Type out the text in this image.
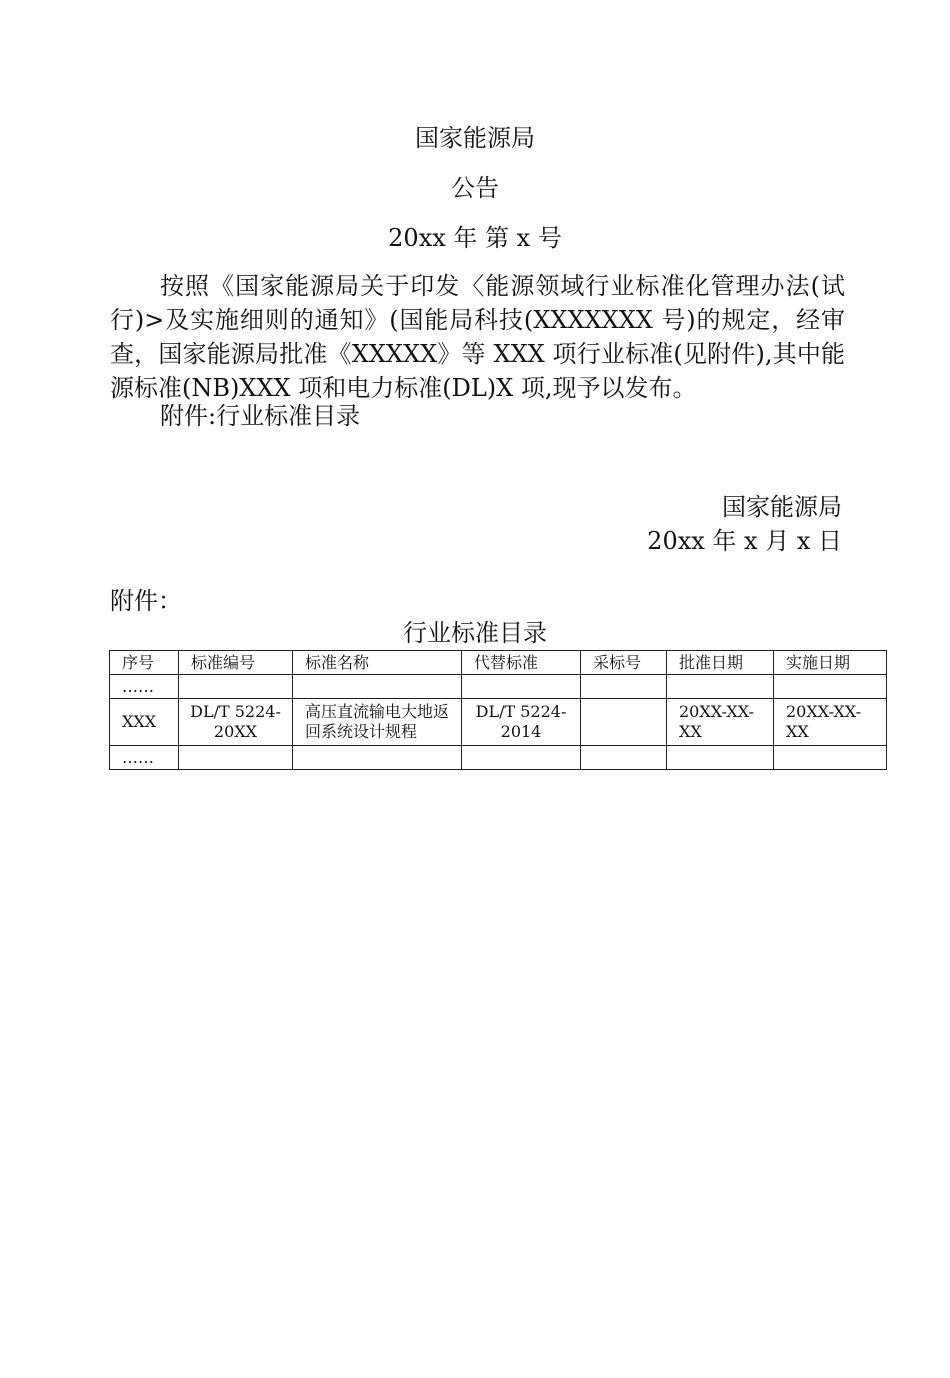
国家能源局
公告
20xx 年 第 x 号

按照《国家能源局关于印发〈能源领域行业标准化管理办法(试行)>及实施细则的通知》(国能局科技(XXXXXXX 号)的规定，经审查，国家能源局批准《XXXXX》等 XXX 项行业标准(见附件),其中能源标准(NB)XXX 项和电力标准(DL)X 项,现予以发布。

附件:行业标准目录
国家能源局
20xx 年 x 月 x 日
附件：
行业标准目录
序号	标准编号	标准名称	代替标准	采标号	批准日期	实施日期
……						
XXX	DL/T 5224-20XX	高压直流输电大地返回系统设计规程	DL/T 5224-2014		20XX-XX-XX	20XX-XX-XX
……						
